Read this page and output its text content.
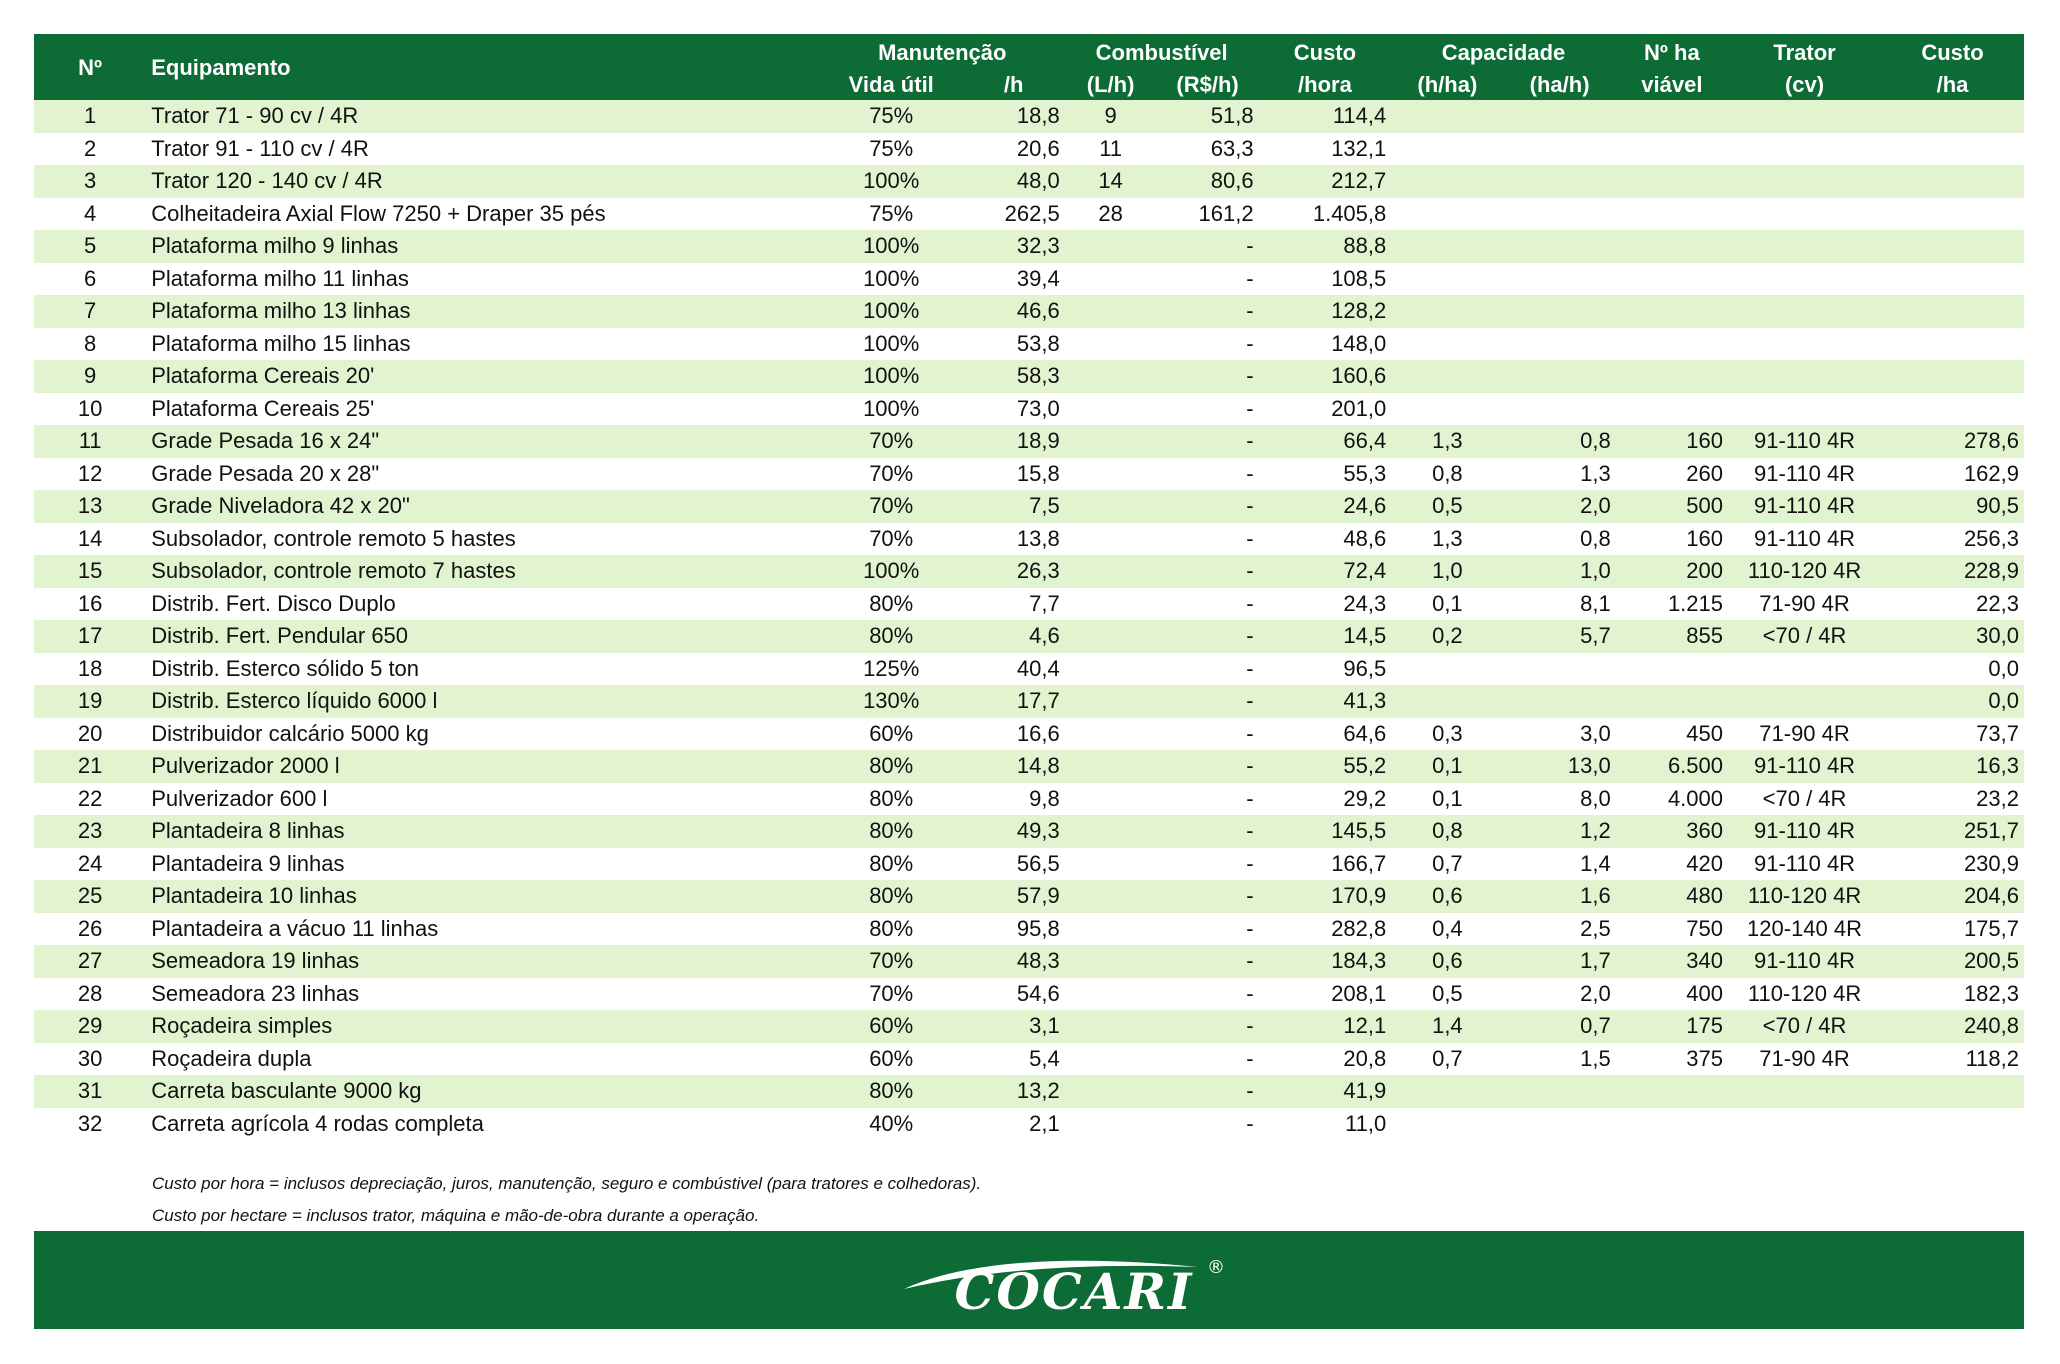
Nº	Equipamento	Manutenção		Combustível		Custo	Capacidade		Nº ha	Trator	Custo
		Vida útil	/h	(L/h)	(R$/h)	/hora	(h/ha)	(ha/h)	viável	(cv)	/ha
1	Trator 71 - 90 cv / 4R	75%	18,8	9	51,8	114,4					
2	Trator 91 - 110 cv / 4R	75%	20,6	11	63,3	132,1					
3	Trator 120 - 140 cv / 4R	100%	48,0	14	80,6	212,7					
4	Colheitadeira Axial Flow 7250 + Draper 35 pés	75%	262,5	28	161,2	1.405,8					
5	Plataforma milho 9 linhas	100%	32,3		-	88,8					
6	Plataforma milho 11 linhas	100%	39,4		-	108,5					
7	Plataforma milho 13 linhas	100%	46,6		-	128,2					
8	Plataforma milho 15 linhas	100%	53,8		-	148,0					
9	Plataforma Cereais 20'	100%	58,3		-	160,6					
10	Plataforma Cereais 25'	100%	73,0		-	201,0					
11	Grade Pesada 16 x 24"	70%	18,9		-	66,4	1,3	0,8	160	91-110 4R	278,6
12	Grade Pesada 20 x 28"	70%	15,8		-	55,3	0,8	1,3	260	91-110 4R	162,9
13	Grade Niveladora 42 x 20"	70%	7,5		-	24,6	0,5	2,0	500	91-110 4R	90,5
14	Subsolador, controle remoto 5 hastes	70%	13,8		-	48,6	1,3	0,8	160	91-110 4R	256,3
15	Subsolador, controle remoto 7 hastes	100%	26,3		-	72,4	1,0	1,0	200	110-120 4R	228,9
16	Distrib. Fert. Disco Duplo	80%	7,7		-	24,3	0,1	8,1	1.215	71-90 4R	22,3
17	Distrib. Fert. Pendular 650	80%	4,6		-	14,5	0,2	5,7	855	<70 / 4R	30,0
18	Distrib. Esterco sólido 5 ton	125%	40,4		-	96,5					0,0
19	Distrib. Esterco líquido 6000 l	130%	17,7		-	41,3					0,0
20	Distribuidor calcário 5000 kg	60%	16,6		-	64,6	0,3	3,0	450	71-90 4R	73,7
21	Pulverizador 2000 l	80%	14,8		-	55,2	0,1	13,0	6.500	91-110 4R	16,3
22	Pulverizador 600 l	80%	9,8		-	29,2	0,1	8,0	4.000	<70 / 4R	23,2
23	Plantadeira 8 linhas	80%	49,3		-	145,5	0,8	1,2	360	91-110 4R	251,7
24	Plantadeira 9 linhas	80%	56,5		-	166,7	0,7	1,4	420	91-110 4R	230,9
25	Plantadeira 10 linhas	80%	57,9		-	170,9	0,6	1,6	480	110-120 4R	204,6
26	Plantadeira a vácuo 11 linhas	80%	95,8		-	282,8	0,4	2,5	750	120-140 4R	175,7
27	Semeadora 19 linhas	70%	48,3		-	184,3	0,6	1,7	340	91-110 4R	200,5
28	Semeadora 23 linhas	70%	54,6		-	208,1	0,5	2,0	400	110-120 4R	182,3
29	Roçadeira simples	60%	3,1		-	12,1	1,4	0,7	175	<70 / 4R	240,8
30	Roçadeira dupla	60%	5,4		-	20,8	0,7	1,5	375	71-90 4R	118,2
31	Carreta basculante 9000 kg	80%	13,2		-	41,9					
32	Carreta agrícola 4 rodas completa	40%	2,1		-	11,0					
Custo por hora = inclusos depreciação, juros, manutenção, seguro e combústivel (para tratores e colhedoras).
Custo por hectare = inclusos trator, máquina e mão-de-obra durante a operação.
COCARI ®
